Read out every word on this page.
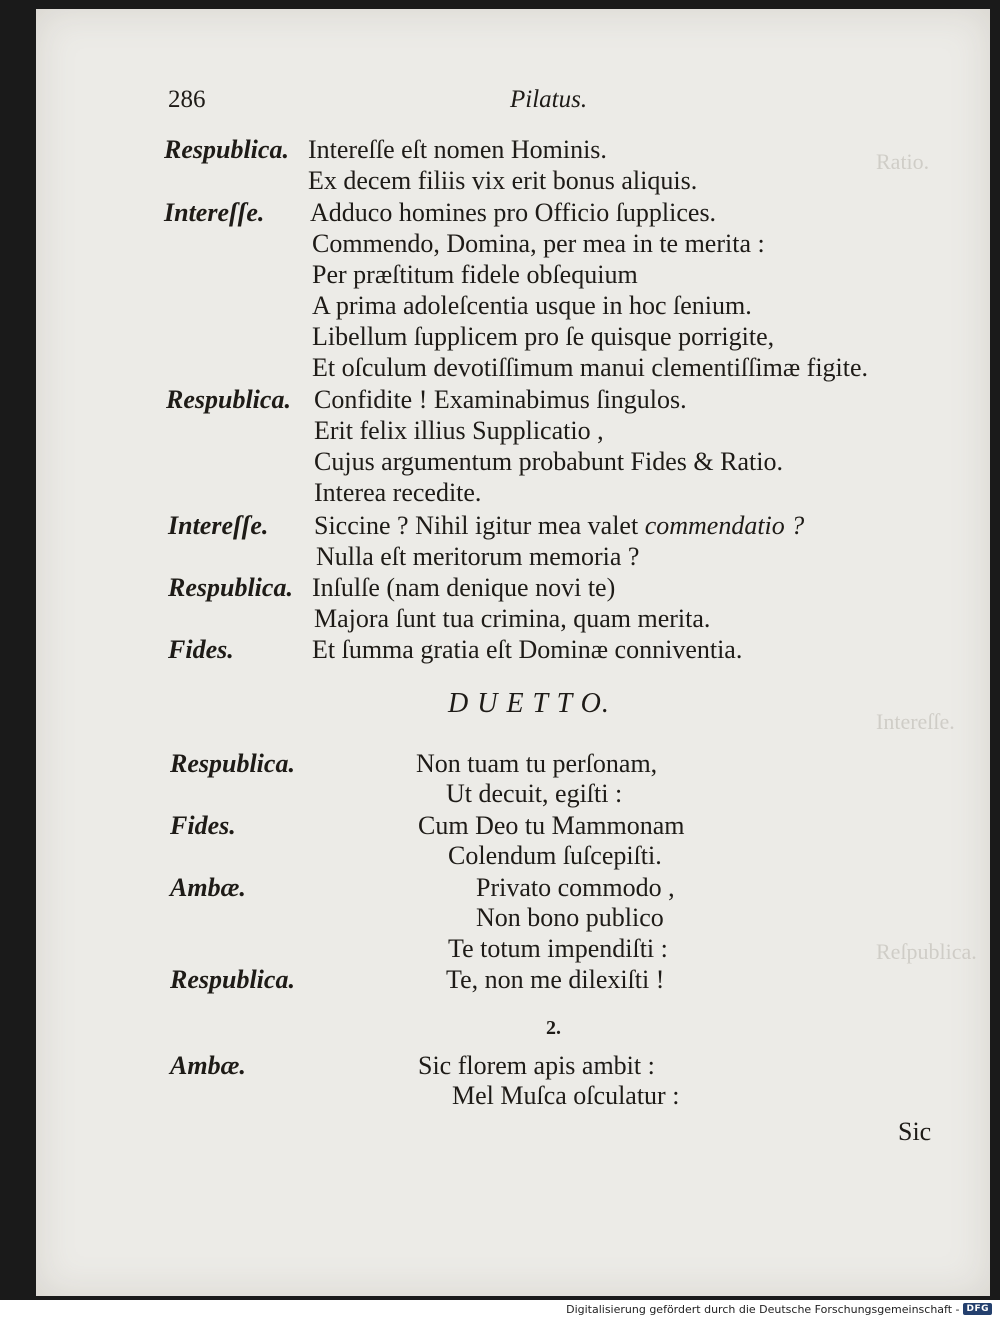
Ratio.
Intereſſe.
Reſpublica.
286	Pilatus.
Respublica. Intereſſe eſt nomen Hominis.
Ex decem filiis vix erit bonus aliquis.
Intereſſe. Adduco homines pro Officio ſupplices.
Commendo, Domina, per mea in te merita :
Per præſtitum fidele obſequium
A prima adoleſcentia usque in hoc ſenium.
Libellum ſupplicem pro ſe quisque porrigite,
Et oſculum devotiſſimum manui clementiſſimæ figite.
Respublica. Confidite ! Examinabimus ſingulos.
Erit felix illius Supplicatio ,
Cujus argumentum probabunt Fides & Ratio.
Interea recedite.
Intereſſe. Siccine ? Nihil igitur mea valet commendatio ?
Nulla eſt meritorum memoria ?
Respublica. Inſulſe (nam denique novi te)
Majora ſunt tua crimina, quam merita.
Fides.	Et ſumma gratia eſt Dominæ conniventia.
D U E T T O.
Respublica.	Non tuam tu perſonam,
Ut decuit, egiſti :
Fides.	Cum Deo tu Mammonam
Colendum ſuſcepiſti.
Ambæ.	Privato commodo ,
Non bono publico
Te totum impendiſti :
Respublica.	Te, non me dilexiſti !
2.
Ambæ.	Sic florem apis ambit :
Mel Muſca oſculatur :
Sic
Digitalisierung gefördert durch die Deutsche Forschungsgemeinschaft - DFG
